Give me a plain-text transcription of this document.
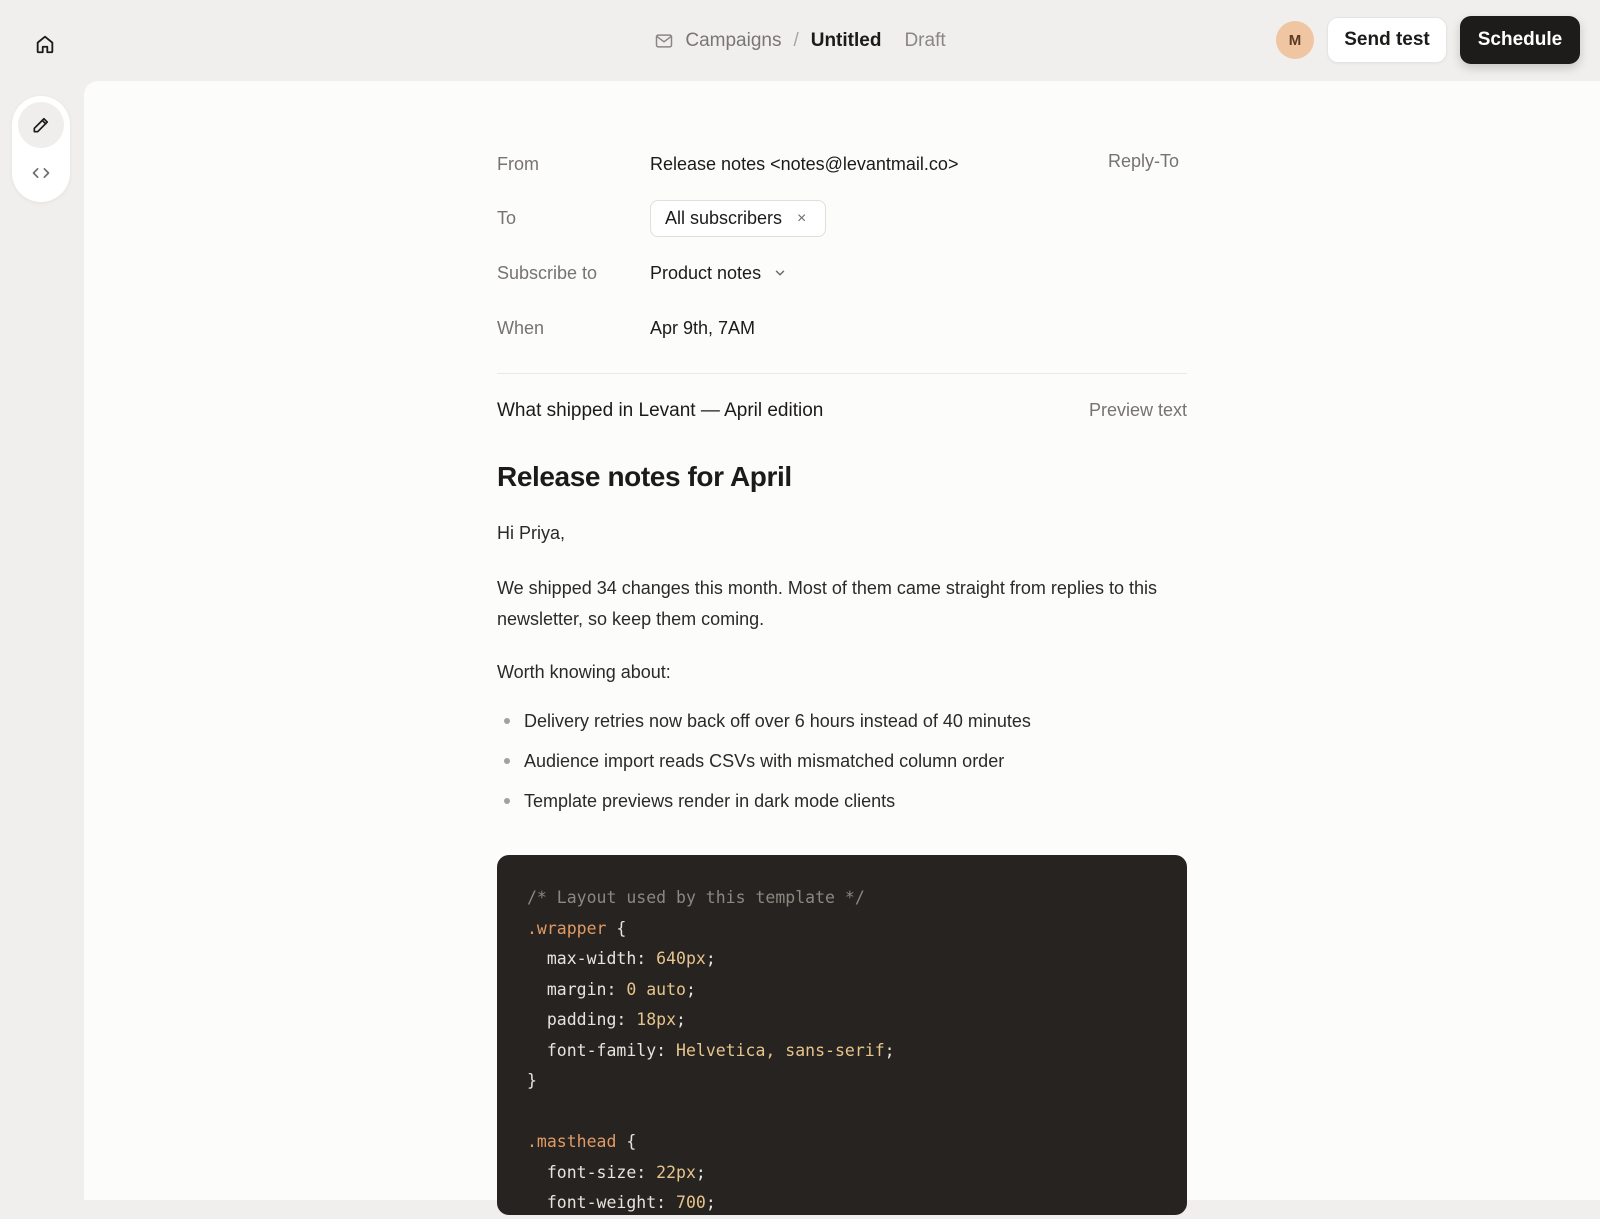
Campaigns / Untitled Draft	M	Send test	Schedule
From	Release notes <notes@levantmail.co>	Reply-To
To	All subscribers ×
Subscribe to	Product notes
When	Apr 9th, 7AM
What shipped in Levant — April edition	Preview text
Release notes for April

Hi Priya,

We shipped 34 changes this month. Most of them came straight from replies to this newsletter, so keep them coming.

Worth knowing about:

Delivery retries now back off over 6 hours instead of 40 minutes
Audience import reads CSVs with mismatched column order
Template previews render in dark mode clients
/* Layout used by this template */
.wrapper {
max-width: 640px;
margin: 0 auto;
padding: 18px;
font-family: Helvetica, sans-serif;
}
.masthead {
font-size: 22px;
font-weight: 700;
